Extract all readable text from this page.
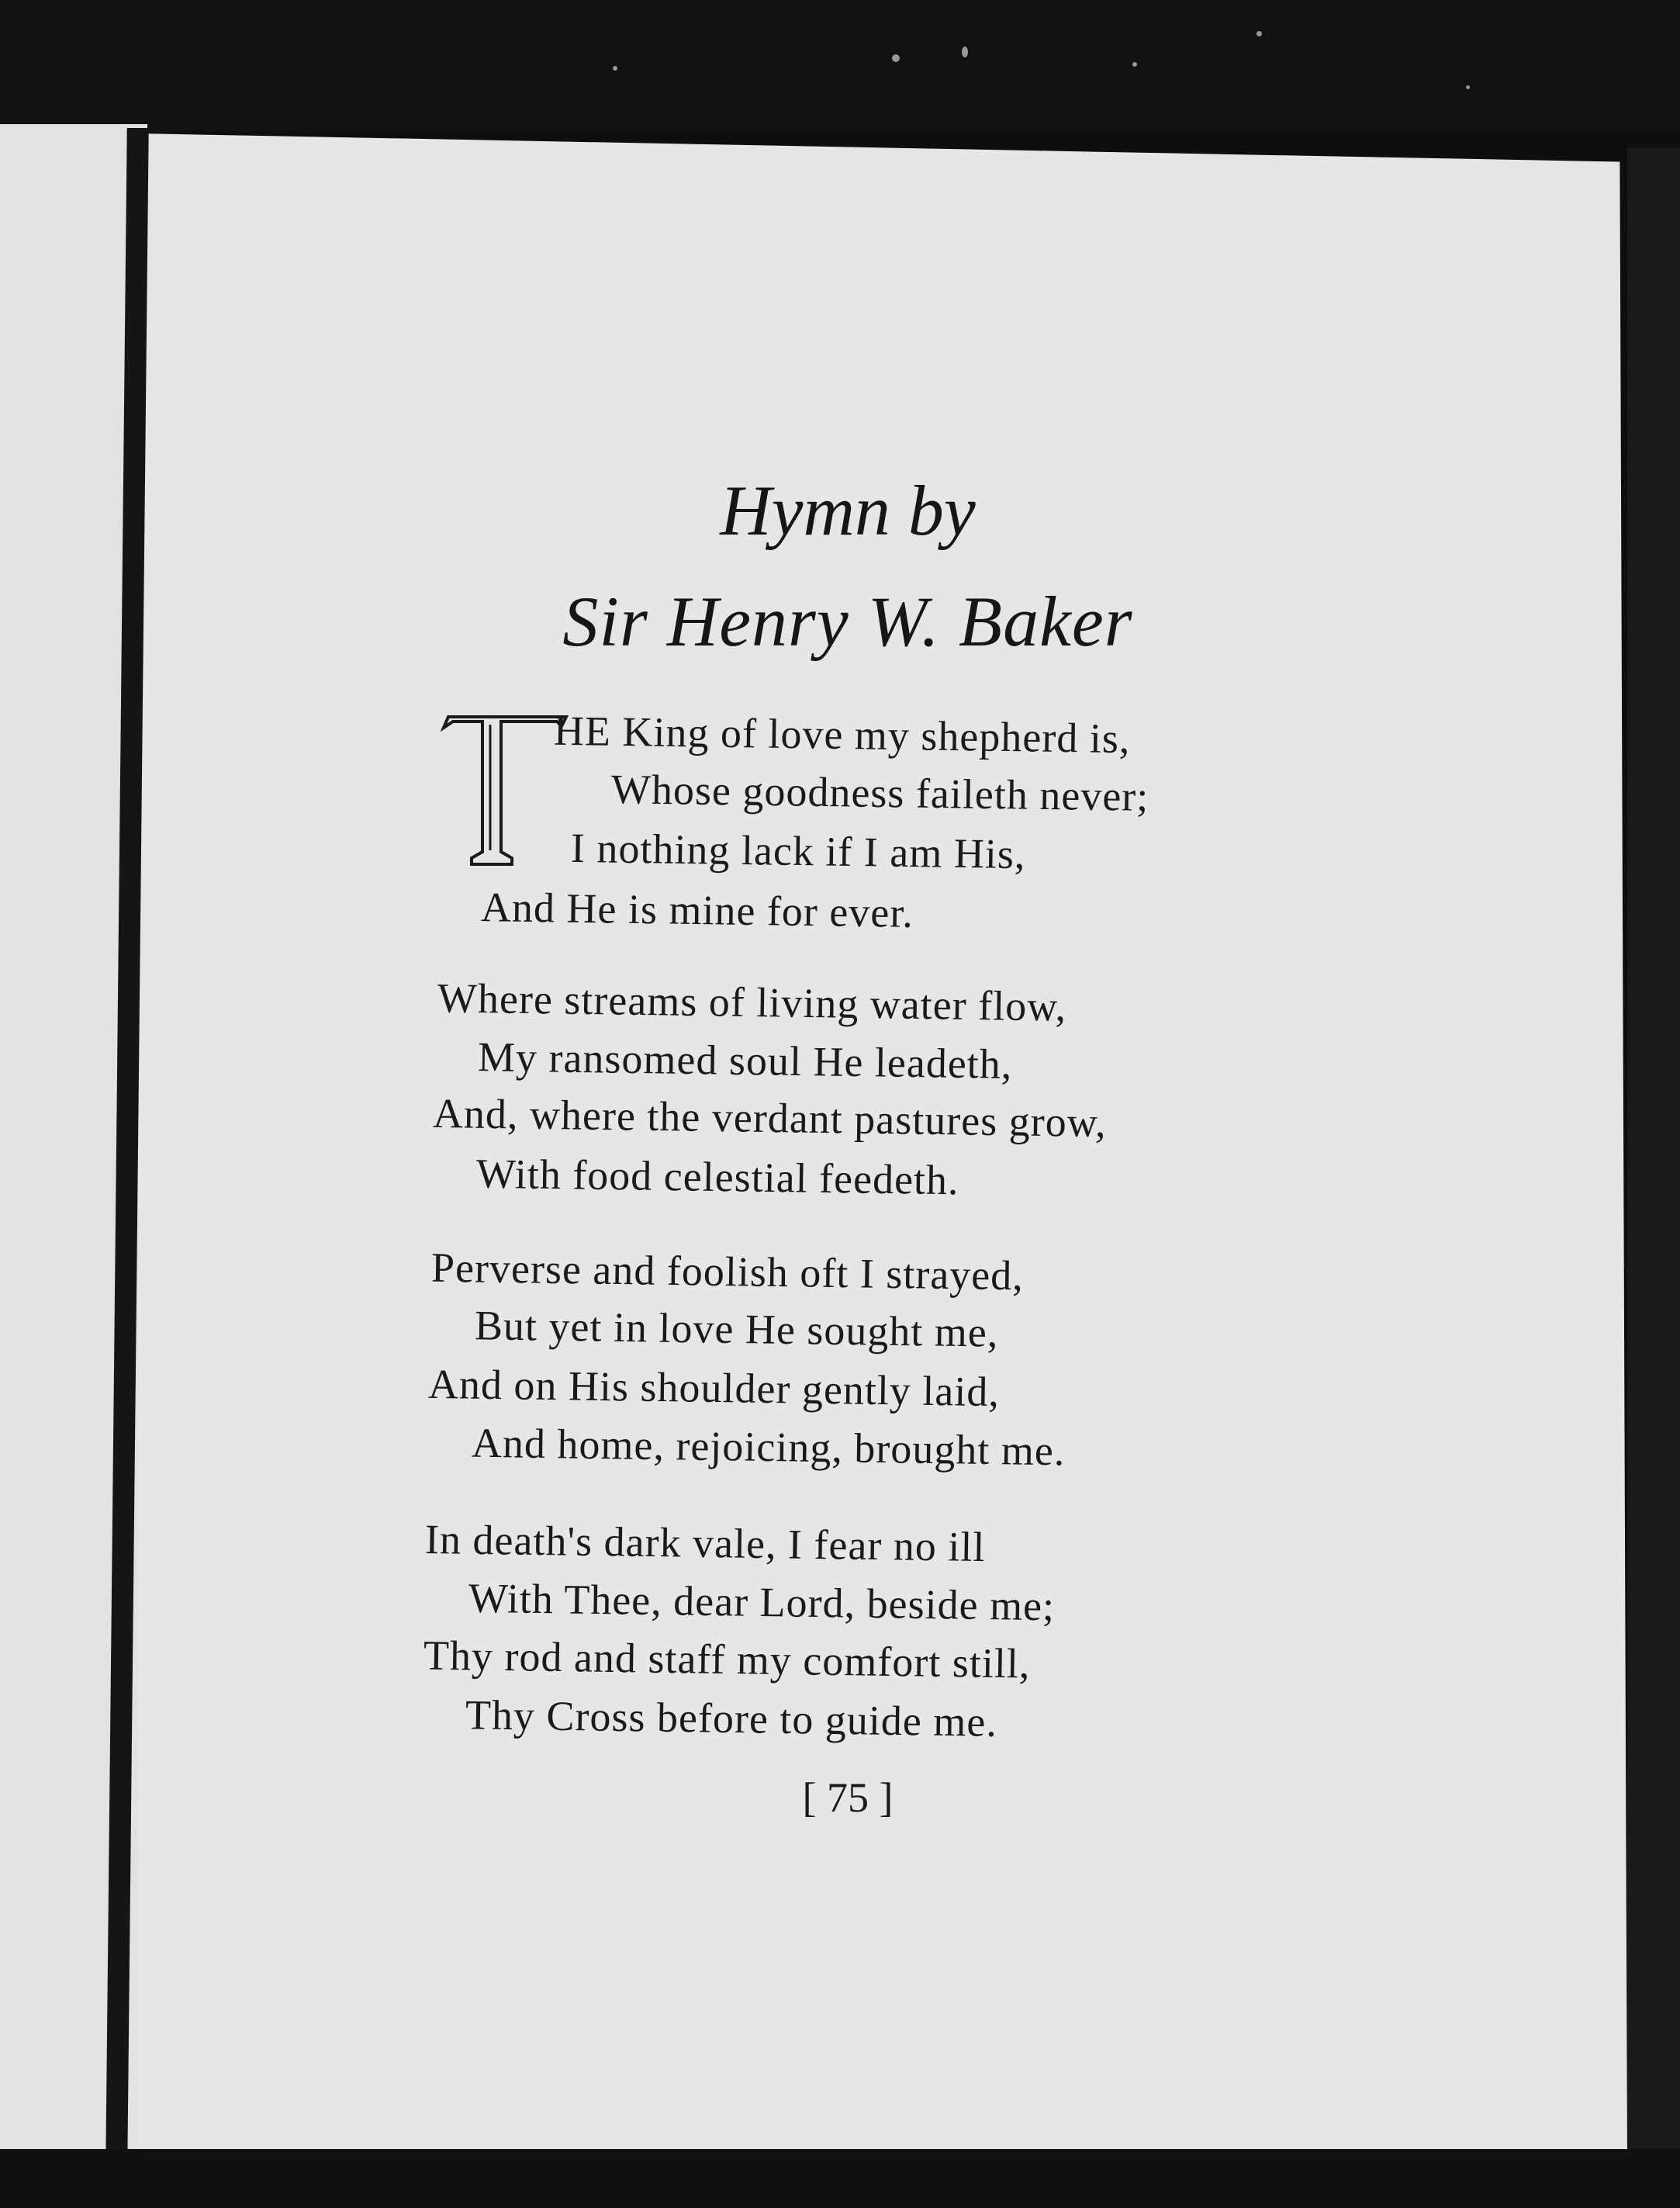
Hymn by
Sir Henry W. Baker
HE King of love my shepherd is,
Whose goodness faileth never;
I nothing lack if I am His,
And He is mine for ever.
Where streams of living water flow,
My ransomed soul He leadeth,
And, where the verdant pastures grow,
With food celestial feedeth.
Perverse and foolish oft I strayed,
But yet in love He sought me,
And on His shoulder gently laid,
And home, rejoicing, brought me.
In death's dark vale, I fear no ill
With Thee, dear Lord, beside me;
Thy rod and staff my comfort still,
Thy Cross before to guide me.
[ 75 ]
